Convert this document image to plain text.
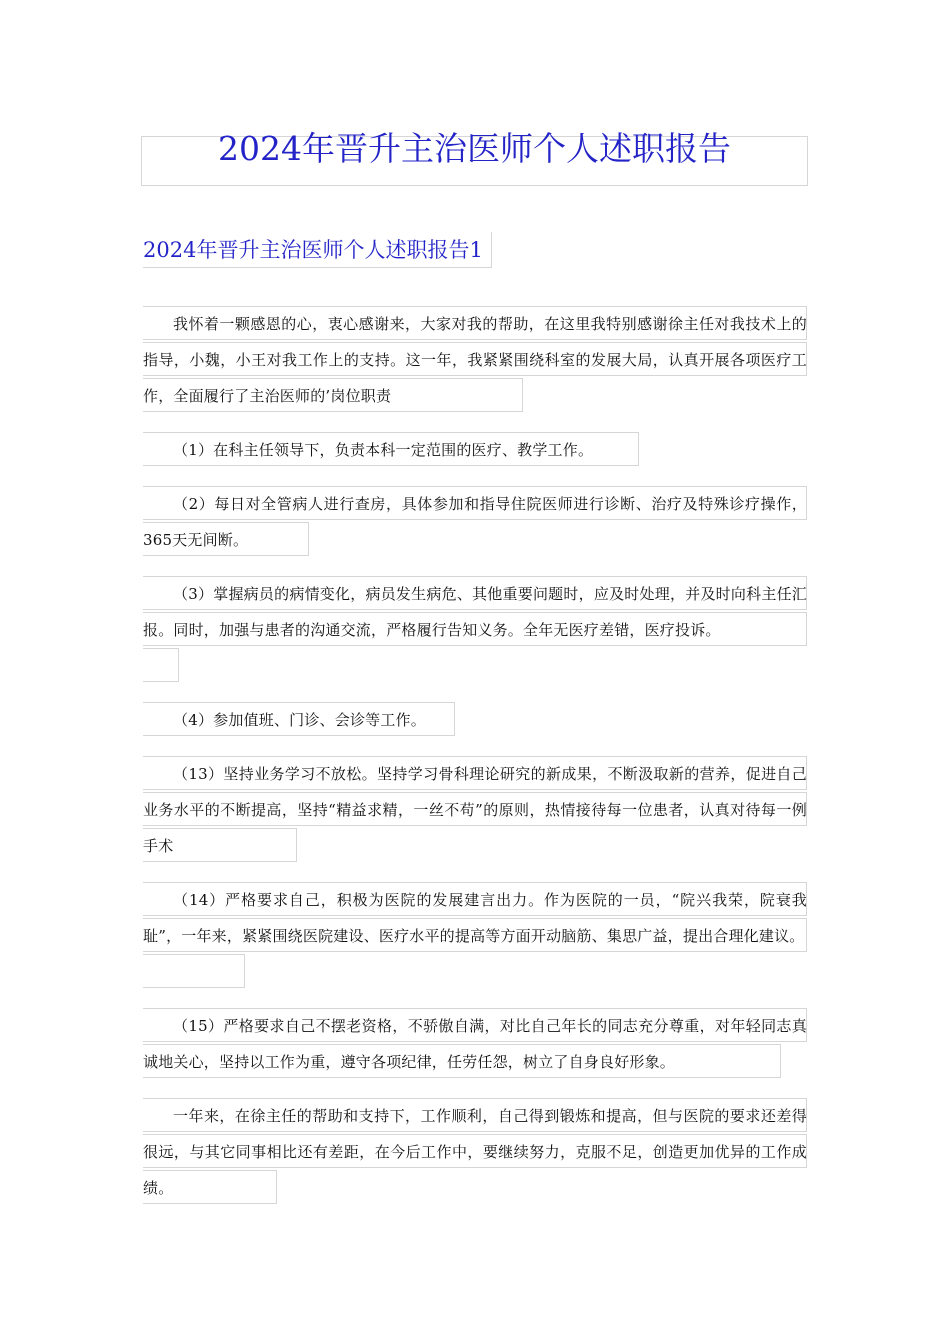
2024年晋升主治医师个人述职报告
2024年晋升主治医师个人述职报告1

我怀着一颗感恩的心，衷心感谢来，大家对我的帮助，在这里我特别感谢徐主任对我技术上的指导，小魏，小王对我工作上的支持。这一年，我紧紧围绕科室的发展大局，认真开展各项医疗工作，全面履行了主治医师的’岗位职责

（1）在科主任领导下，负责本科一定范围的医疗、教学工作。

（2）每日对全管病人进行查房，具体参加和指导住院医师进行诊断、治疗及特殊诊疗操作，365天无间断。

（3）掌握病员的病情变化，病员发生病危、其他重要问题时，应及时处理，并及时向科主任汇报。同时，加强与患者的沟通交流，严格履行告知义务。全年无医疗差错，医疗投诉。

（4）参加值班、门诊、会诊等工作。

（13）坚持业务学习不放松。坚持学习骨科理论研究的新成果，不断汲取新的营养，促进自己业务水平的不断提高，坚持“精益求精，一丝不苟”的原则，热情接待每一位患者，认真对待每一例手术

（14）严格要求自己，积极为医院的发展建言出力。作为医院的一员，“院兴我荣，院衰我耻”，一年来，紧紧围绕医院建设、医疗水平的提高等方面开动脑筋、集思广益，提出合理化建议。

（15）严格要求自己不摆老资格，不骄傲自满，对比自己年长的同志充分尊重，对年轻同志真诚地关心，坚持以工作为重，遵守各项纪律，任劳任怨，树立了自身良好形象。

一年来，在徐主任的帮助和支持下，工作顺利，自己得到锻炼和提高，但与医院的要求还差得很远，与其它同事相比还有差距，在今后工作中，要继续努力，克服不足，创造更加优异的工作成绩。
